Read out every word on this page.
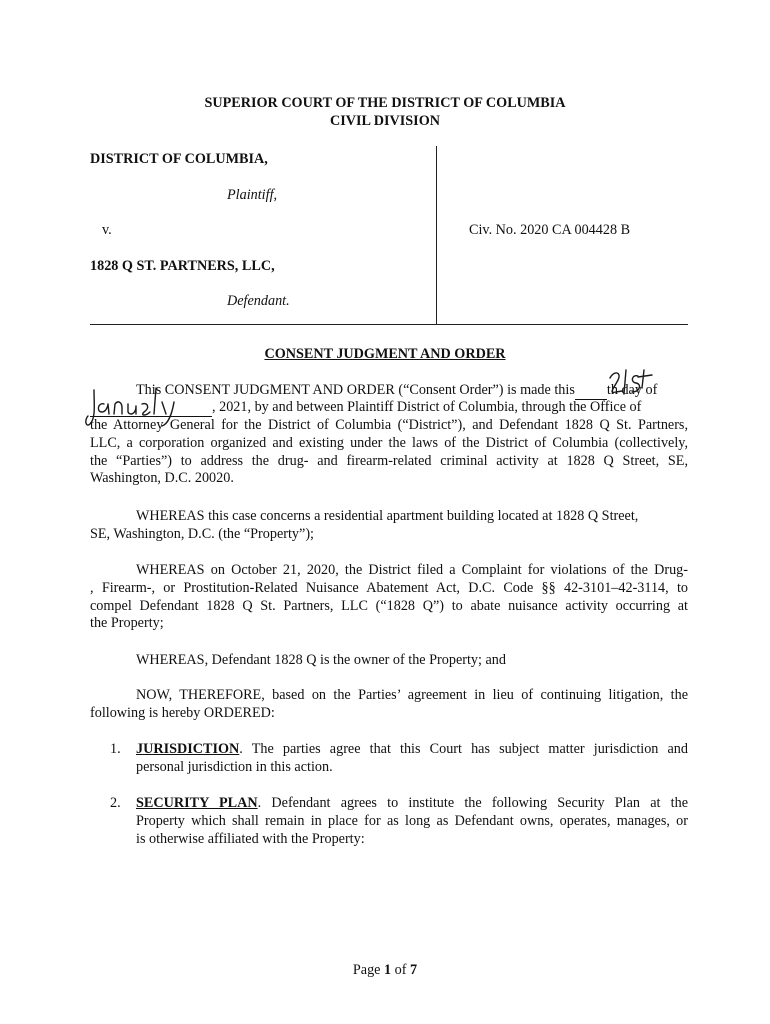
SUPERIOR COURT OF THE DISTRICT OF COLUMBIA
CIVIL DIVISION
DISTRICT OF COLUMBIA,
Plaintiff,
v.	Civ. No. 2020 CA 004428 B
1828 Q ST. PARTNERS, LLC,
Defendant.
CONSENT JUDGMENT AND ORDER
This CONSENT JUDGMENT AND ORDER (“Consent Order”) is made this th day of
, 2021, by and between Plaintiff District of Columbia, through the Office of
the Attorney General for the District of Columbia (“District”), and Defendant 1828 Q St. Partners,
LLC, a corporation organized and existing under the laws of the District of Columbia (collectively,
the “Parties”) to address the drug- and firearm-related criminal activity at 1828 Q Street, SE,
Washington, D.C. 20020.
WHEREAS this case concerns a residential apartment building located at 1828 Q Street,
SE, Washington, D.C. (the “Property”);
WHEREAS on October 21, 2020, the District filed a Complaint for violations of the Drug-
, Firearm-, or Prostitution-Related Nuisance Abatement Act, D.C. Code §§ 42-3101–42-3114, to
compel Defendant 1828 Q St. Partners, LLC (“1828 Q”) to abate nuisance activity occurring at
the Property;
WHEREAS, Defendant 1828 Q is the owner of the Property; and
NOW, THEREFORE, based on the Parties’ agreement in lieu of continuing litigation, the
following is hereby ORDERED:
1.	JURISDICTION. The parties agree that this Court has subject matter jurisdiction and
personal jurisdiction in this action.
2.	SECURITY PLAN. Defendant agrees to institute the following Security Plan at the
Property which shall remain in place for as long as Defendant owns, operates, manages, or
is otherwise affiliated with the Property:
Page 1 of 7
